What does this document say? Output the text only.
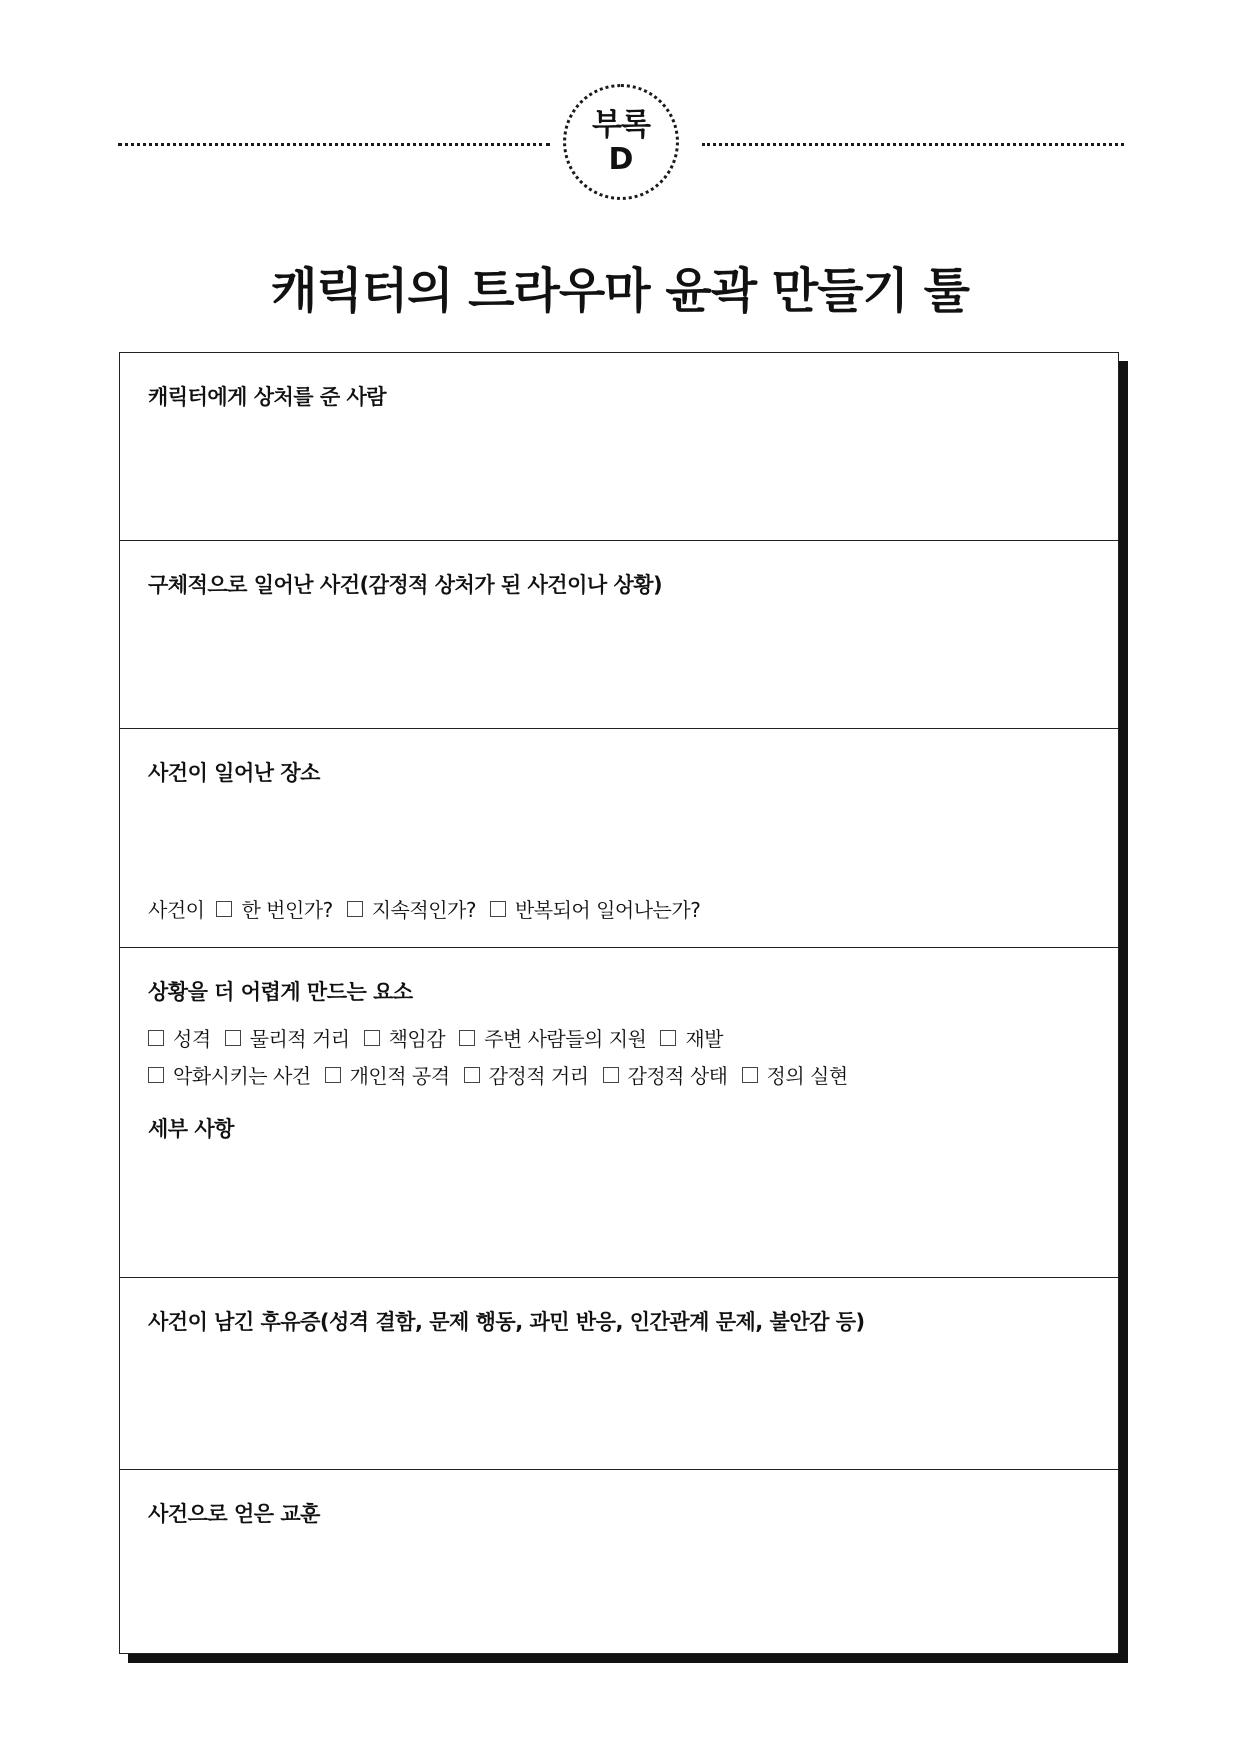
부록
D
캐릭터의 트라우마 윤곽 만들기 툴
캐릭터에게 상처를 준 사람
구체적으로 일어난 사건(감정적 상처가 된 사건이나 상황)
사건이 일어난 장소
사건이 한 번인가? 지속적인가? 반복되어 일어나는가?
상황을 더 어렵게 만드는 요소
성격 물리적 거리 책임감 주변 사람들의 지원 재발
악화시키는 사건 개인적 공격 감정적 거리 감정적 상태 정의 실현
세부 사항
사건이 남긴 후유증(성격 결함, 문제 행동, 과민 반응, 인간관계 문제, 불안감 등)
사건으로 얻은 교훈
